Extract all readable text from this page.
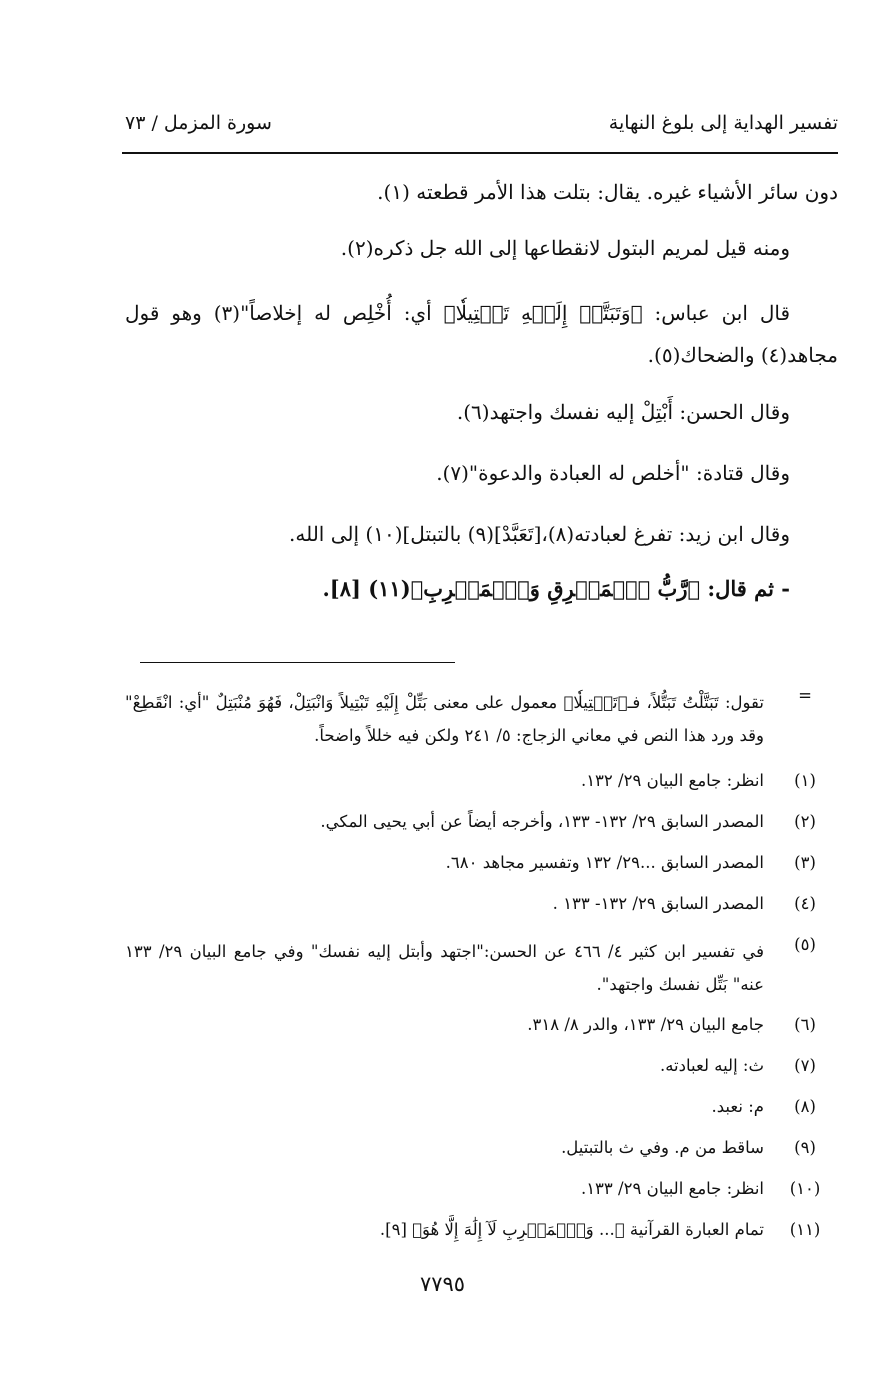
تفسير الهداية إلى بلوغ النهاية
سورة المزمل / ٧٣

دون سائر الأشياء غيره. يقال: بتلت هذا الأمر قطعته (١).

ومنه قيل لمريم البتول لانقطاعها إلى الله جل ذكره(٢).

قال ابن عباس: ﴿وَتَبَتَّلۡ إِلَيۡهِ تَبۡتِيلٗا﴾ أي: أُخْلِص له إخلاصاً"(٣) وهو قول مجاهد(٤) والضحاك(٥).

وقال الحسن: أَبْتِلْ إليه نفسك واجتهد(٦).

وقال قتادة: "أخلص له العبادة والدعوة"(٧).

وقال ابن زيد: تفرغ لعبادته(٨)،[تَعَبَّدْ](٩) بالتبتل](١٠) إلى الله.

- ثم قال: ﴿رَّبُّ ٱلۡمَشۡرِقِ وَٱلۡمَغۡرِبِ﴾(١١) [٨].

=
تقول: تَبَتَّلْتُ تَبَتُّلاً، فـ﴿تَبۡتِيلٗا﴾ معمول على معنى بَتِّلْ إِلَيْهِ تَبْتِيلاً وَانْبَتِلْ، فَهُوَ مُنْبَتِلٌ "أي: انْقَطِعْ" وقد ورد هذا النص في معاني الزجاج: ٥/ ٢٤١ ولكن فيه خللاً واضحاً.
(١)
انظر: جامع البيان ٢٩/ ١٣٢.
(٢)
المصدر السابق ٢٩/ ١٣٢- ١٣٣، وأخرجه أيضاً عن أبي يحيى المكي.
(٣)
المصدر السابق ...٢٩/ ١٣٢ وتفسير مجاهد ٦٨٠.
(٤)
المصدر السابق ٢٩/ ١٣٢- ١٣٣ .
(٥)
في تفسير ابن كثير ٤/ ٤٦٦ عن الحسن:"اجتهد وأبتل إليه نفسك" وفي جامع البيان ٢٩/ ١٣٣ عنه" بَتِّل نفسك واجتهد".
(٦)
جامع البيان ٢٩/ ١٣٣، والدر ٨/ ٣١٨.
(٧)
ث: إليه لعبادته.
(٨)
م: نعبد.
(٩)
ساقط من م. وفي ث بالتبتيل.
(١٠)
انظر: جامع البيان ٢٩/ ١٣٣.
(١١)
تمام العبارة القرآنية ﴿... وَٱلۡمَغۡرِبِ لَآ إِلَٰهَ إِلَّا هُوَ﴾ [٩].
٧٧٩٥
